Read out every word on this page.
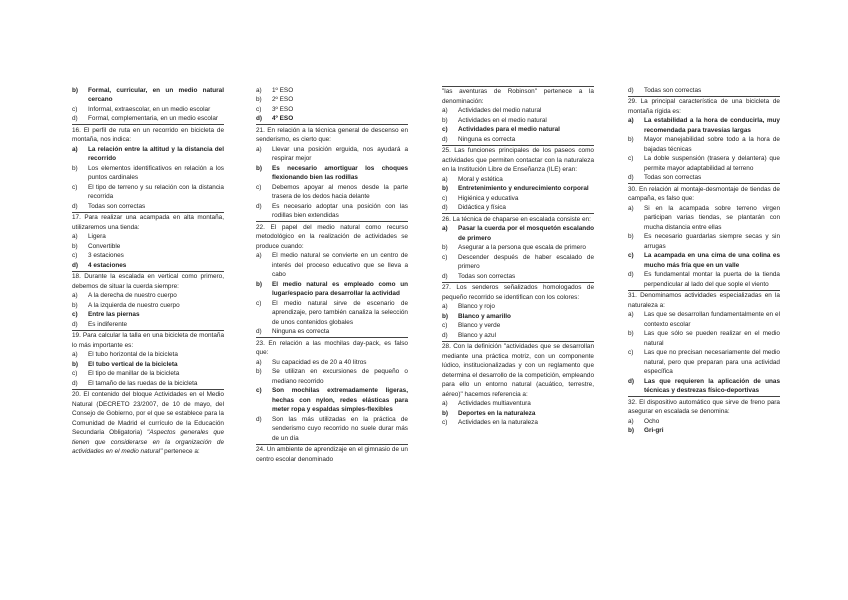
b)	Formal, curricular, en un medio natural cercano
c)	Informal, extraescolar, en un medio escolar
d)	Formal, complementaria, en un medio escolar
16. El perfil de ruta en un recorrido en bicicleta de montaña, nos indica:
a)	La relación entre la altitud y la distancia del recorrido
b)	Los elementos identificativos en relación a los puntos cardinales
c)	El tipo de terreno y su relación con la distancia recorrida
d)	Todas son correctas
17. Para realizar una acampada en alta montaña, utilizaremos una tienda:
a)	Ligera
b)	Convertible
c)	3 estaciones
d)	4 estaciones
18. Durante la escalada en vertical como primero, debemos de situar la cuerda siempre:
a)	A la derecha de nuestro cuerpo
b)	A la izquierda de nuestro cuerpo
c)	Entre las piernas
d)	Es indiferente
19. Para calcular la talla en una bicicleta de montaña lo más importante es:
a)	El tubo horizontal de la bicicleta
b)	El tubo vertical de la bicicleta
c)	El tipo de manillar de la bicicleta
d)	El tamaño de las ruedas de la bicicleta
20. El contenido del bloque Actividades en el Medio Natural (DECRETO 23/2007, de 10 de mayo, del Consejo de Gobierno, por el que se establece para la Comunidad de Madrid el currículo de la Educación Secundaria Obligatoria) "Aspectos generales que tienen que considerarse en la organización de actividades en el medio natural" pertenece a:
a)	1º ESO
b)	2º ESO
c)	3º ESO
d)	4º ESO
21. En relación a la técnica general de descenso en senderismo, es cierto que:
a)	Llevar una posición erguida, nos ayudará a respirar mejor
b)	Es necesario amortiguar los choques flexionando bien las rodillas
c)	Debemos apoyar al menos desde la parte trasera de los dedos hacia delante
d)	Es necesario adoptar una posición con las rodillas bien extendidas
22. El papel del medio natural como recurso metodológico en la realización de actividades se produce cuando:
a)	El medio natural se convierte en un centro de interés del proceso educativo que se lleva a cabo
b)	El medio natural es empleado como un lugar/espacio para desarrollar la actividad
c)	El medio natural sirve de escenario de aprendizaje, pero también canaliza la selección de unos contenidos globales
d)	Ninguna es correcta
23. En relación a las mochilas day-pack, es falso que:
a)	Su capacidad es de 20 a 40 litros
b)	Se utilizan en excursiones de pequeño o mediano recorrido
c)	Son mochilas extremadamente ligeras, hechas con nylon, redes elásticas para meter ropa y espaldas simples-flexibles
d)	Son las más utilizadas en la práctica de senderismo cuyo recorrido no suele durar más de un día
24. Un ambiente de aprendizaje en el gimnasio de un centro escolar denominado
"las aventuras de Robinson" pertenece a la denominación:
a)	Actividades del medio natural
b)	Actividades en el medio natural
c)	Actividades para el medio natural
d)	Ninguna es correcta
25. Las funciones principales de los paseos como actividades que permiten contactar con la naturaleza en la Institución Libre de Enseñanza (ILE) eran:
a)	Moral y estética
b)	Entretenimiento y endurecimiento corporal
c)	Higiénica y educativa
d)	Didáctica y física
26. La técnica de chaparse en escalada consiste en:
a)	Pasar la cuerda por el mosquetón escalando de primero
b)	Asegurar a la persona que escala de primero
c)	Descender después de haber escalado de primero
d)	Todas son correctas
27. Los senderos señalizados homologados de pequeño recorrido se identifican con los colores:
a)	Blanco y rojo
b)	Blanco y amarillo
c)	Blanco y verde
d)	Blanco y azul
28. Con la definición "actividades que se desarrollan mediante una práctica motriz, con un componente lúdico, institucionalizadas y con un reglamento que determina el desarrollo de la competición, empleando para ello un entorno natural (acuático, terrestre, aéreo)" hacemos referencia a:
a)	Actividades multiaventura
b)	Deportes en la naturaleza
c)	Actividades en la naturaleza
d)	Todas son correctas
29. La principal característica de una bicicleta de montaña rígida es:
a)	La estabilidad a la hora de conducirla, muy recomendada para travesías largas
b)	Mayor manejabilidad sobre todo a la hora de bajadas técnicas
c)	La doble suspensión (trasera y delantera) que permite mayor adaptabilidad al terreno
d)	Todas son correctas
30. En relación al montaje-desmontaje de tiendas de campaña, es falso que:
a)	Si en la acampada sobre terreno virgen participan varias tiendas, se plantarán con mucha distancia entre ellas
b)	Es necesario guardarlas siempre secas y sin arrugas
c)	La acampada en una cima de una colina es mucho más fría que en un valle
d)	Es fundamental montar la puerta de la tienda perpendicular al lado del que sople el viento
31. Denominamos actividades especializadas en la naturaleza a:
a)	Las que se desarrollan fundamentalmente en el contexto escolar
b)	Las que sólo se pueden realizar en el medio natural
c)	Las que no precisan necesariamente del medio natural, pero que preparan para una actividad específica
d)	Las que requieren la aplicación de unas técnicas y destrezas físico-deportivas
32. El dispositivo automático que sirve de freno para asegurar en escalada se denomina:
a)	Ocho
b)	Gri-gri
